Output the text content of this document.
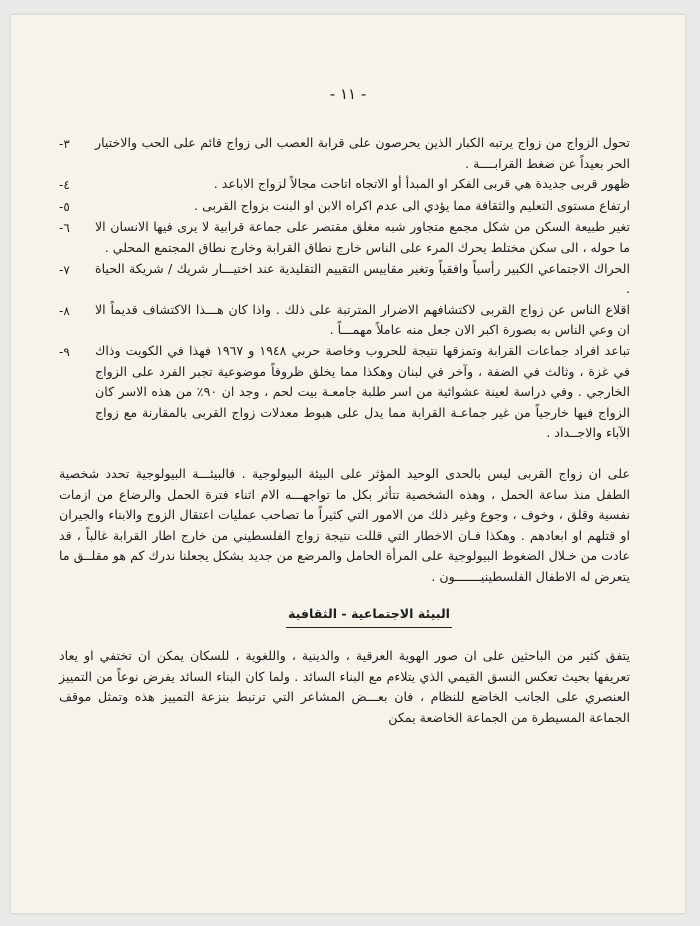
- ١١ -
-٣	تحول الزواج من زواج يرتبه الكبار الذين يحرصون على قرابة العصب الى زواج قائم على الحب والاختيار الحر بعيداً عن ضغط القرابــــة .
-٤	ظهور قربى جديدة هي قربى الفكر او المبدأ أو الاتجاه اتاحت مجالاً لزواج الاباعد .
-٥	ارتفاع مستوى التعليم والثقافة مما يؤدي الى عدم اكراه الابن او البنت بزواج القربى .
-٦	تغير طبيعة السكن من شكل مجمع متجاور شبه مغلق مقتصر على جماعة قرابية لا يرى فيها الانسان الا ما حوله ، الى سكن مختلط يحرك المرء على الناس خارج نطاق القرابة وخارج نطاق المجتمع المحلي .
-٧	الحراك الاجتماعي الكبير رأسياً وافقياً وتغير مقاييس التقييم التقليدية عند اختيـــار شريك / شريكة الحياة .
-٨	اقلاع الناس عن زواج القربى لاكتشافهم الاضرار المترتبة على ذلك . واذا كان هـــذا الاكتشاف قديماً الا ان وعي الناس به بصورة اكبر الان جعل منه عاملاً مهمـــاً .
-٩	تباعد افراد جماعات القرابة وتمزقها نتيجة للحروب وخاصة حربي ١٩٤٨ و ١٩٦٧ فهذا في الكويت وذاك في غزة ، وثالث في الضفة ، وآخر في لبنان وهكذا مما يخلق ظروفاً موضوعية تجبر الفرد على الزواج الخارجي . وفي دراسة لعينة عشوائية من اسر طلبة جامعـة بيت لحم ، وجد ان ٩٠٪ من هذه الاسر كان الزواج فيها خارجياً من غير جماعـة القرابة مما يدل على هبوط معدلات زواج القربى بالمقارنة مع زواج الآباء والاجــداد .

على ان زواج القربى ليس بالحدى الوحيد المؤثر على البيئة البيولوجية . فالبيئـــة البيولوجية تحدد شخصية الطفل منذ ساعة الحمل ، وهذه الشخصية تتأثر بكل ما تواجهـــه الام اثناء فترة الحمل والرضاع من ازمات نفسية وقلق ، وخوف ، وجوع وغير ذلك من الامور التي كثيراً ما تصاحب عمليات اعتقال الزوج والابناء والجيران او قتلهم او ابعادهم . وهكذا فـان الاخطار التي قللت نتيجة زواج الفلسطيني من خارج اطار القرابة غالباً ، قد عادت من خـلال الضغوط البيولوجية على المرأة الحامل والمرضع من جديد بشكل يجعلنا ندرك كم هو مقلــق ما يتعرض له الاطفال الفلسطينيـــــــون .

البيئة الاجتماعية - الثقافية

يتفق كثير من الباحثين على ان صور الهوية العرقية ، والدينية ، واللغوية ، للسكان يمكن ان تختفي او يعاد تعريفها بحيث تعكس النسق القيمي الذي يتلاءم مع البناء السائد . ولما كان البناء السائد يفرض نوعاً من التمييز العنصري على الجانب الخاضع للنظام ، فان بعـــض المشاعر التي ترتبط بنزعة التمييز هذه وتمثل موقف الجماعة المسيطرة من الجماعة الخاضعة يمكن
